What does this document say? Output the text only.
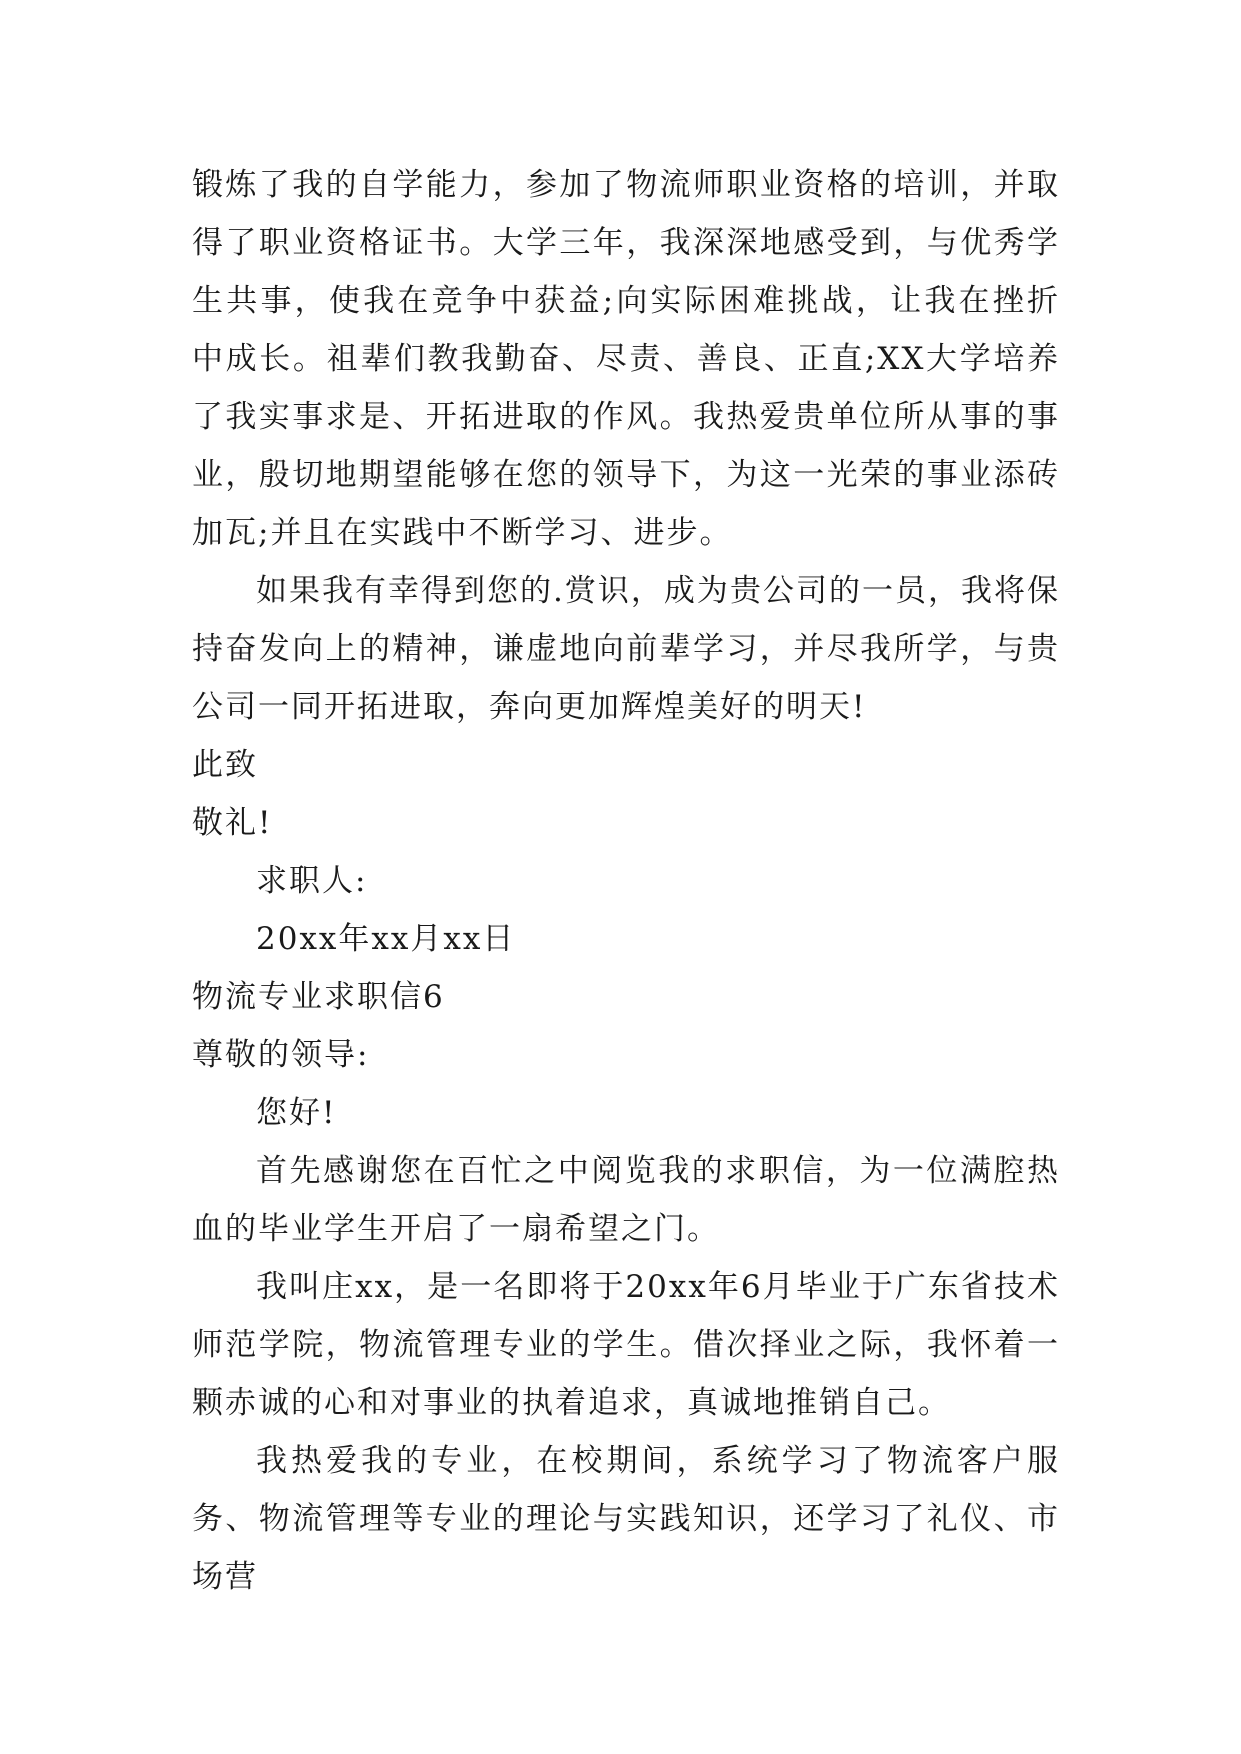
锻炼了我的自学能力，参加了物流师职业资格的培训，并取得了职业资格证书。大学三年，我深深地感受到，与优秀学生共事，使我在竞争中获益;向实际困难挑战，让我在挫折中成长。祖辈们教我勤奋、尽责、善良、正直;XX大学培养了我实事求是、开拓进取的作风。我热爱贵单位所从事的事业，殷切地期望能够在您的领导下，为这一光荣的事业添砖加瓦;并且在实践中不断学习、进步。

如果我有幸得到您的.赏识，成为贵公司的一员，我将保持奋发向上的精神，谦虚地向前辈学习，并尽我所学，与贵公司一同开拓进取，奔向更加辉煌美好的明天!

此致

敬礼!

求职人:

20xx年xx月xx日

物流专业求职信6

尊敬的领导:

您好!

首先感谢您在百忙之中阅览我的求职信，为一位满腔热血的毕业学生开启了一扇希望之门。

我叫庄xx，是一名即将于20xx年6月毕业于广东省技术师范学院，物流管理专业的学生。借次择业之际，我怀着一颗赤诚的心和对事业的执着追求，真诚地推销自己。

我热爱我的专业，在校期间，系统学习了物流客户服务、物流管理等专业的理论与实践知识，还学习了礼仪、市场营
